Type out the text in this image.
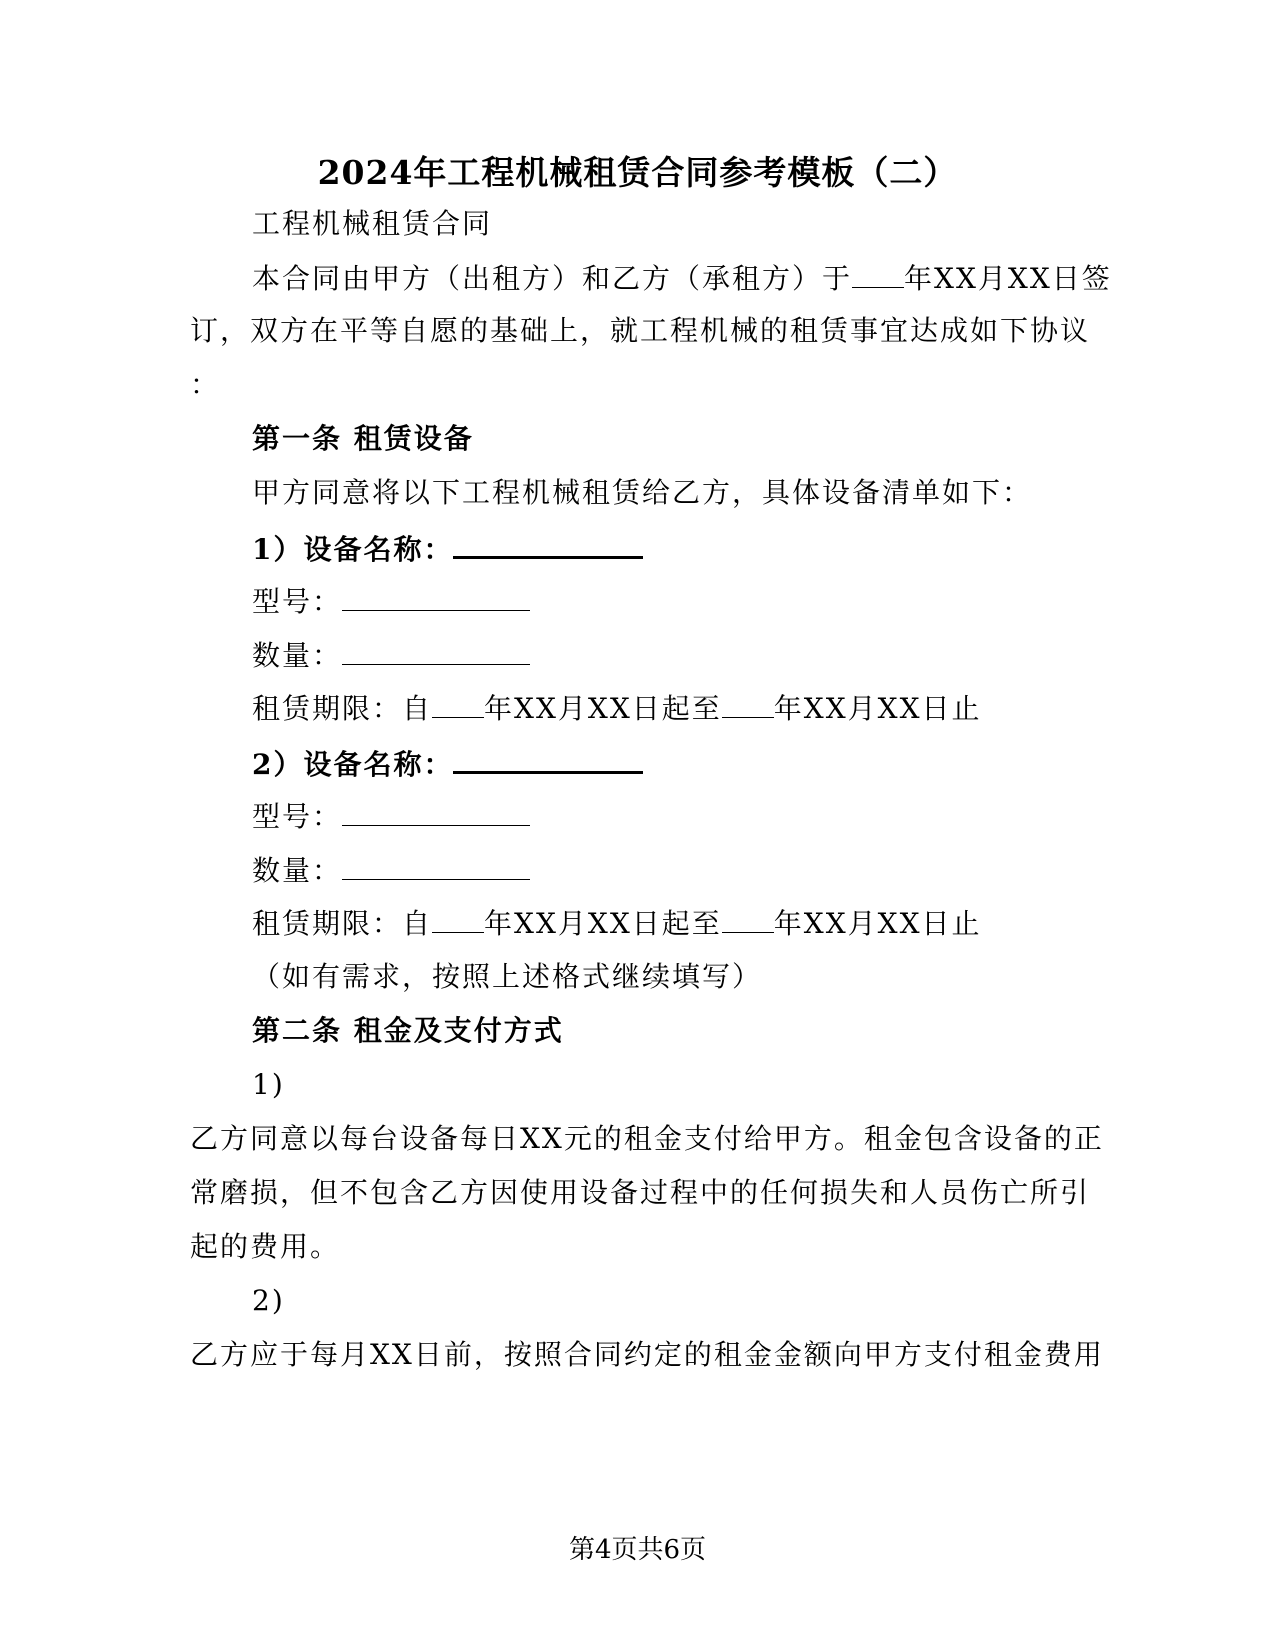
2024年工程机械租赁合同参考模板（二）
工程机械租赁合同
本合同由甲方（出租方）和乙方（承租方）于 年XX月XX日签
订，双方在平等自愿的基础上，就工程机械的租赁事宜达成如下协议
：
第一条 租赁设备
甲方同意将以下工程机械租赁给乙方，具体设备清单如下：
1）设备名称：
型号：
数量：
租赁期限：自 年XX月XX日起至 年XX月XX日止
2）设备名称：
型号：
数量：
租赁期限：自 年XX月XX日起至 年XX月XX日止
（如有需求，按照上述格式继续填写）
第二条 租金及支付方式
1)
乙方同意以每台设备每日XX元的租金支付给甲方。租金包含设备的正
常磨损，但不包含乙方因使用设备过程中的任何损失和人员伤亡所引
起的费用。
2)
乙方应于每月XX日前，按照合同约定的租金金额向甲方支付租金费用
第4页共6页
